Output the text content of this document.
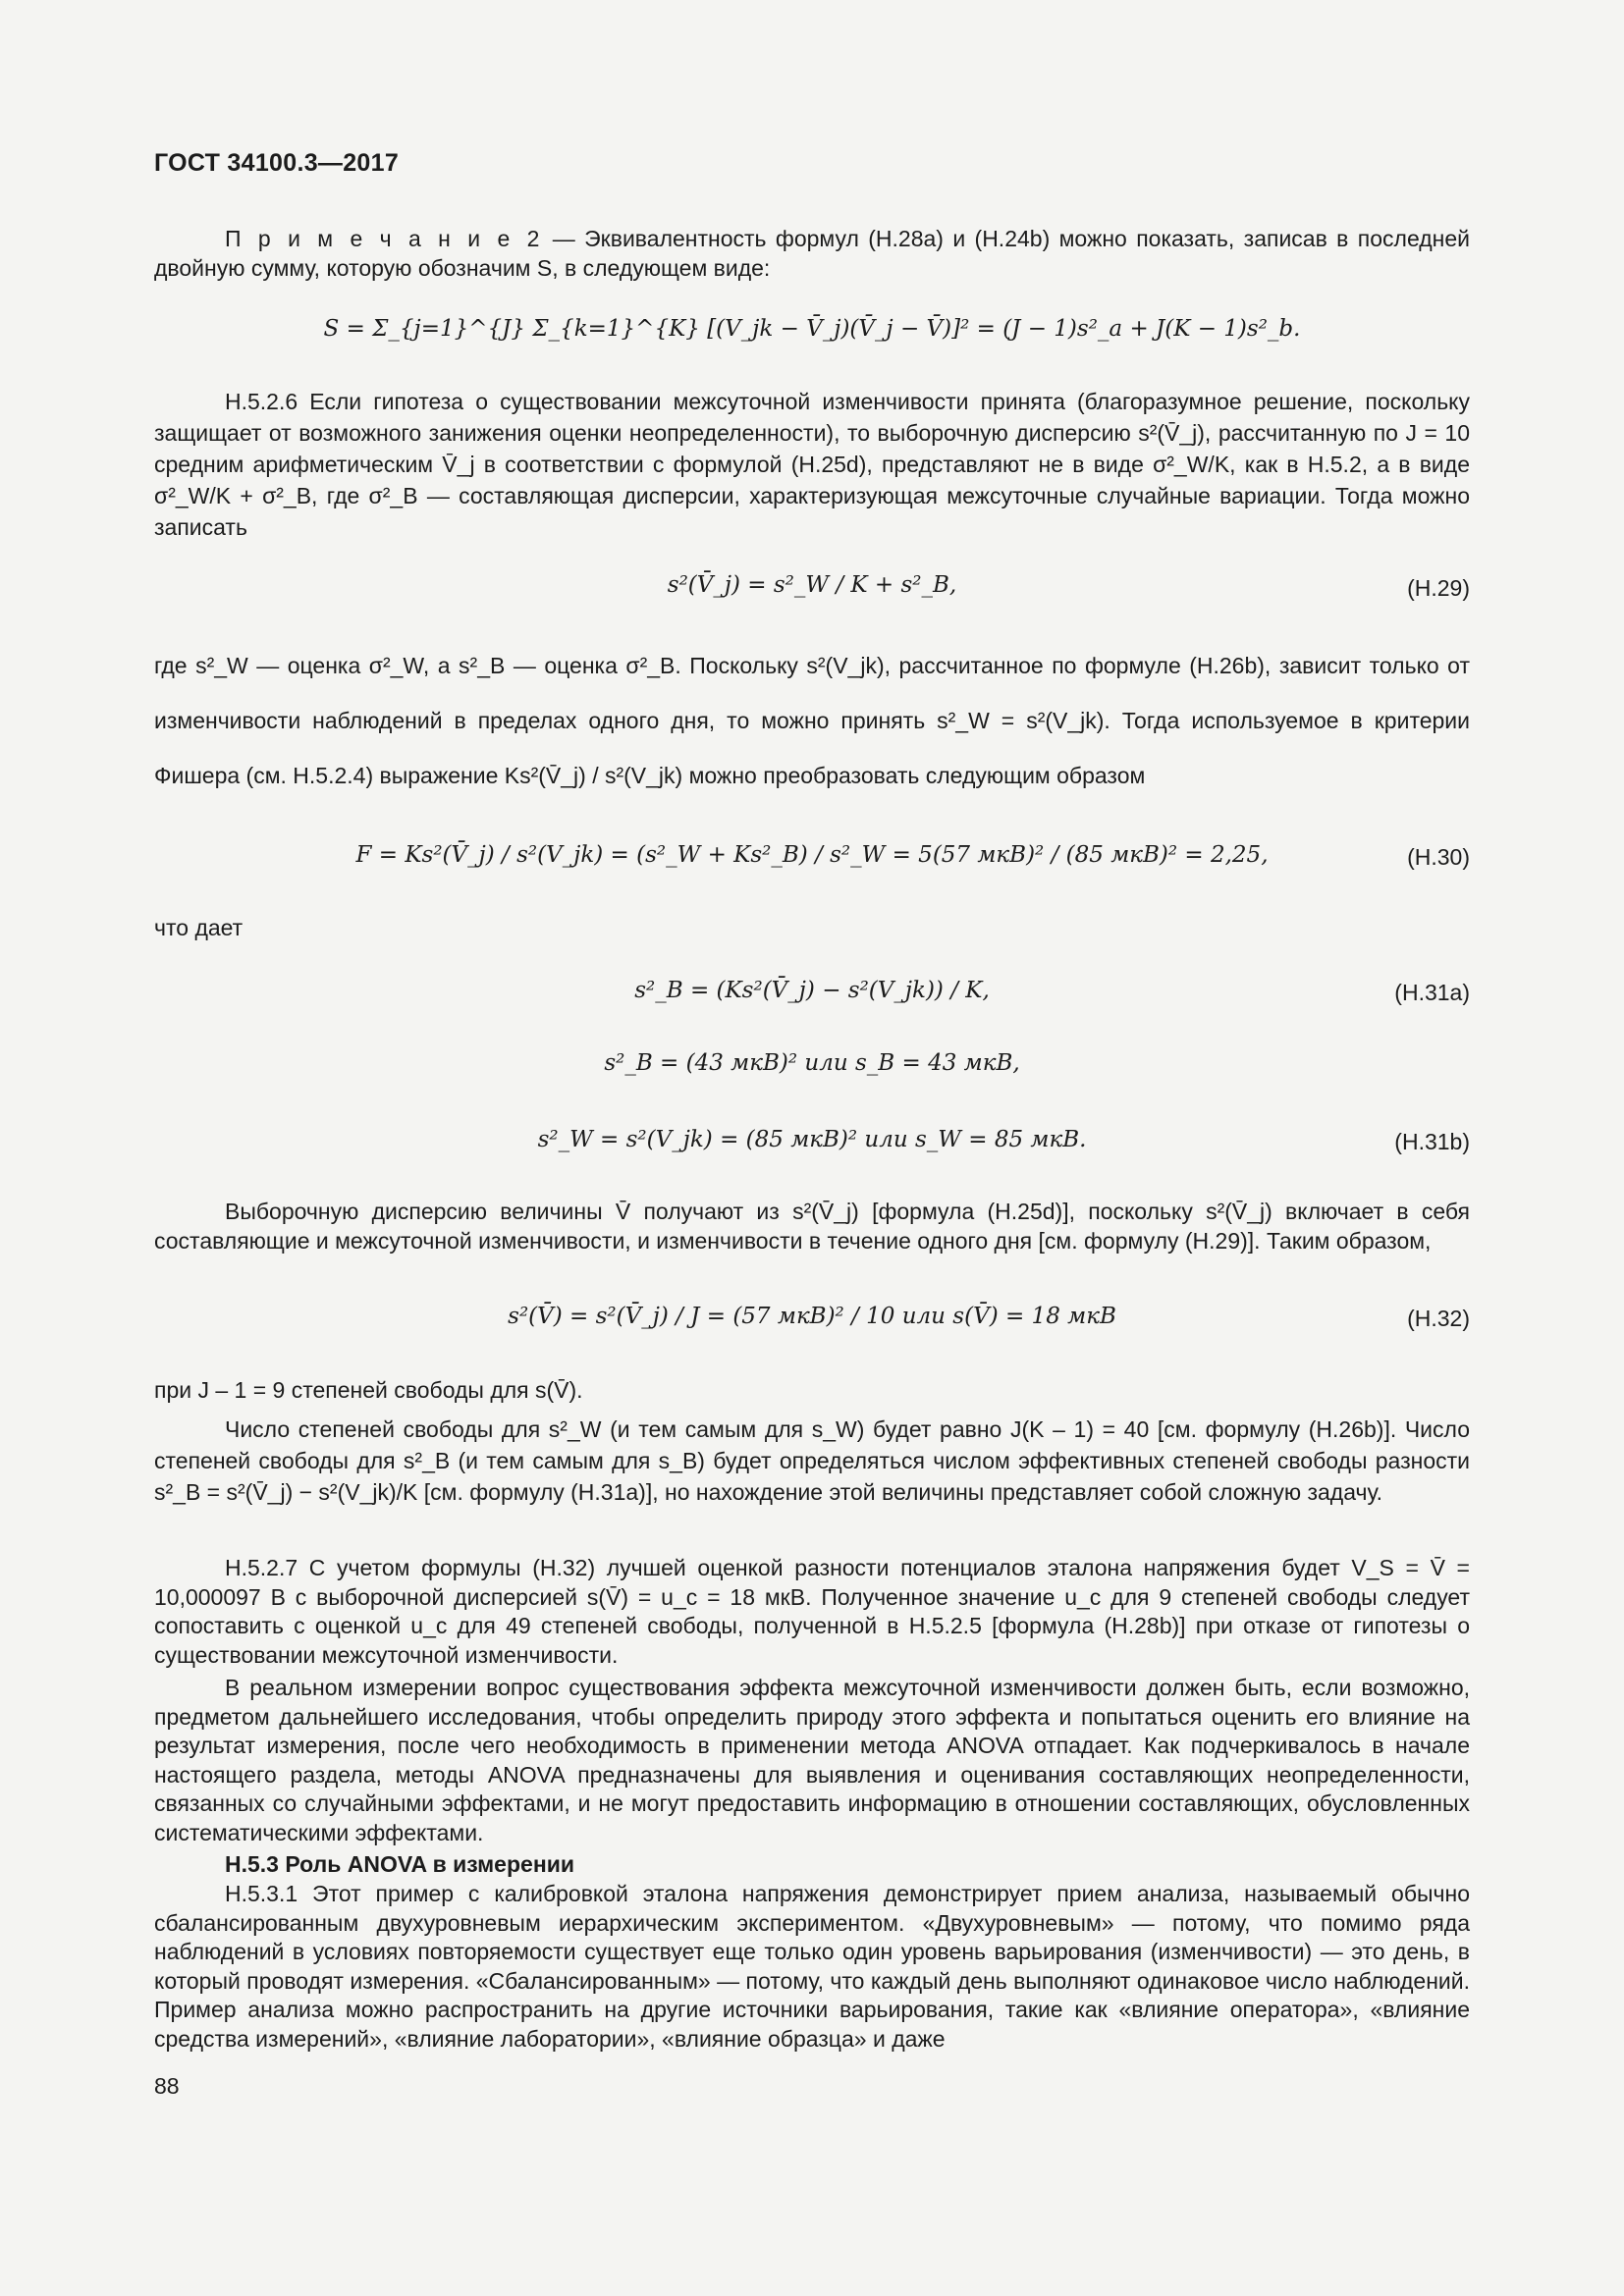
ГОСТ 34100.3—2017
П р и м е ч а н и е 2 — Эквивалентность формул (H.28a) и (H.24b) можно показать, записав в последней двойную сумму, которую обозначим S, в следующем виде:
S = Σ_{j=1}^{J} Σ_{k=1}^{K} [(V_jk − V̄_j)(V̄_j − V̄)]² = (J − 1)s²_a + J(K − 1)s²_b.
H.5.2.6 Если гипотеза о существовании межсуточной изменчивости принята (благоразумное решение, поскольку защищает от возможного занижения оценки неопределенности), то выборочную дисперсию s²(V̄_j), рассчитанную по J = 10 средним арифметическим V̄_j в соответствии с формулой (H.25d), представляют не в виде σ²_W/K, как в H.5.2, а в виде σ²_W/K + σ²_B, где σ²_B — составляющая дисперсии, характеризующая межсуточные случайные вариации. Тогда можно записать
s²(V̄_j) = s²_W / K + s²_B,	(H.29)
где s²_W — оценка σ²_W, а s²_B — оценка σ²_B. Поскольку s²(V_jk), рассчитанное по формуле (H.26b), зависит только от изменчивости наблюдений в пределах одного дня, то можно принять s²_W = s²(V_jk). Тогда используемое в критерии Фишера (см. H.5.2.4) выражение Ks²(V̄_j) / s²(V_jk) можно преобразовать следующим образом
F = Ks²(V̄_j) / s²(V_jk) = (s²_W + Ks²_B) / s²_W = 5(57 мкВ)² / (85 мкВ)² = 2,25,	(H.30)
что дает
s²_B = (Ks²(V̄_j) − s²(V_jk)) / K,	(H.31a)
s²_B = (43 мкВ)² или s_B = 43 мкВ,
s²_W = s²(V_jk) = (85 мкВ)² или s_W = 85 мкВ.	(H.31b)
Выборочную дисперсию величины V̄ получают из s²(V̄_j) [формула (H.25d)], поскольку s²(V̄_j) включает в себя составляющие и межсуточной изменчивости, и изменчивости в течение одного дня [см. формулу (H.29)]. Таким образом,
s²(V̄) = s²(V̄_j) / J = (57 мкВ)² / 10 или s(V̄) = 18 мкВ	(H.32)
при J – 1 = 9 степеней свободы для s(V̄).
Число степеней свободы для s²_W (и тем самым для s_W) будет равно J(K – 1) = 40 [см. формулу (H.26b)]. Число степеней свободы для s²_B (и тем самым для s_B) будет определяться числом эффективных степеней свободы разности s²_B = s²(V̄_j) − s²(V_jk)/K [см. формулу (H.31a)], но нахождение этой величины представляет собой сложную задачу.
H.5.2.7 С учетом формулы (H.32) лучшей оценкой разности потенциалов эталона напряжения будет V_S = V̄ = 10,000097 В с выборочной дисперсией s(V̄) = u_c = 18 мкВ. Полученное значение u_c для 9 степеней свободы следует сопоставить с оценкой u_c для 49 степеней свободы, полученной в H.5.2.5 [формула (H.28b)] при отказе от гипотезы о существовании межсуточной изменчивости.
В реальном измерении вопрос существования эффекта межсуточной изменчивости должен быть, если возможно, предметом дальнейшего исследования, чтобы определить природу этого эффекта и попытаться оценить его влияние на результат измерения, после чего необходимость в применении метода ANOVA отпадает. Как подчеркивалось в начале настоящего раздела, методы ANOVA предназначены для выявления и оценивания составляющих неопределенности, связанных со случайными эффектами, и не могут предоставить информацию в отношении составляющих, обусловленных систематическими эффектами.
H.5.3 Роль ANOVA в измерении
H.5.3.1 Этот пример с калибровкой эталона напряжения демонстрирует прием анализа, называемый обычно сбалансированным двухуровневым иерархическим экспериментом. «Двухуровневым» — потому, что помимо ряда наблюдений в условиях повторяемости существует еще только один уровень варьирования (изменчивости) — это день, в который проводят измерения. «Сбалансированным» — потому, что каждый день выполняют одинаковое число наблюдений. Пример анализа можно распространить на другие источники варьирования, такие как «влияние оператора», «влияние средства измерений», «влияние лаборатории», «влияние образца» и даже
88
